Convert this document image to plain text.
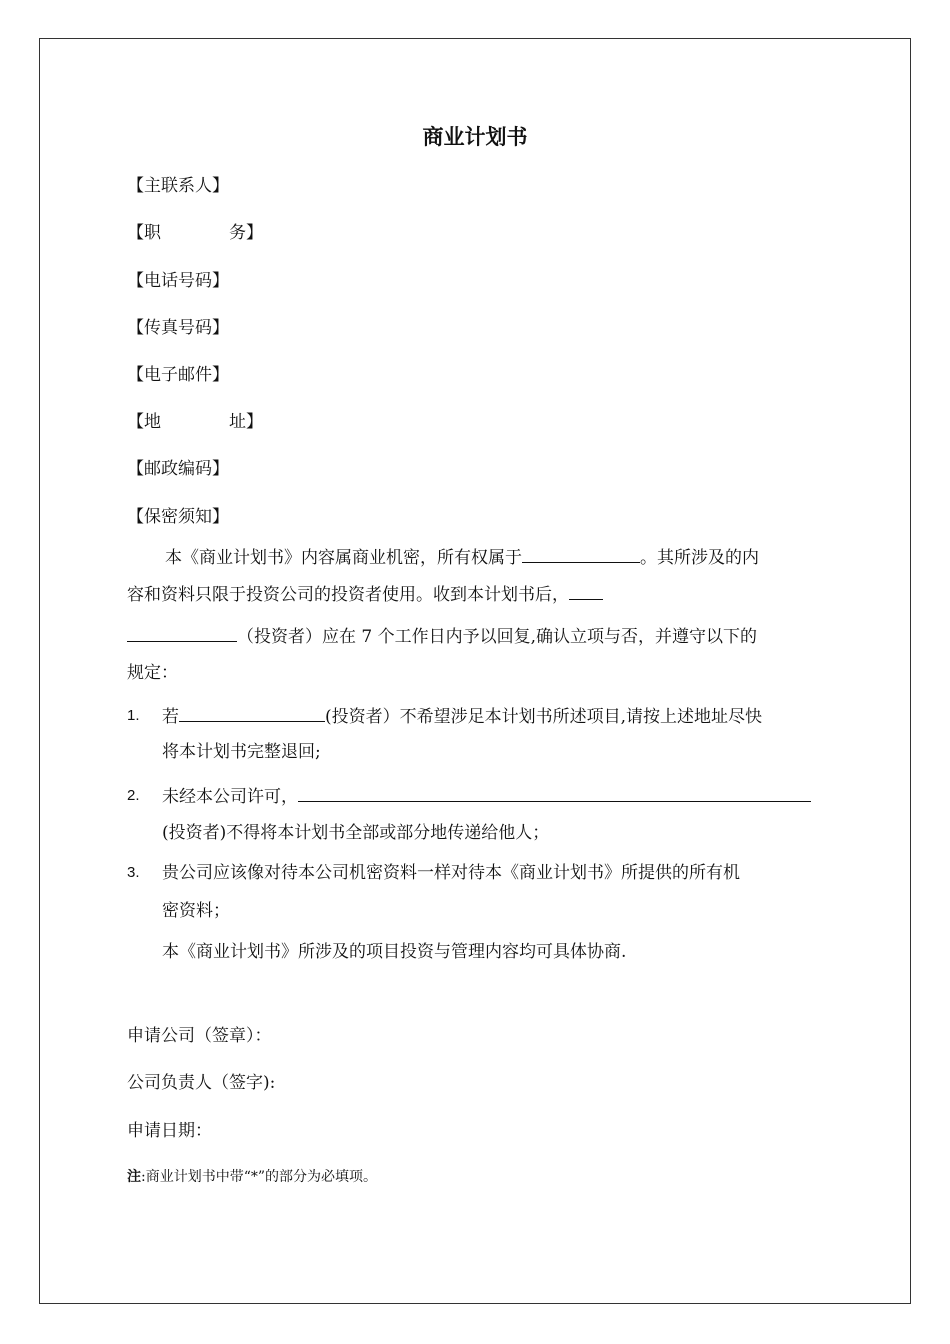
商业计划书
【主联系人】
【职	务】
【电话号码】
【传真号码】
【电子邮件】
【地	址】
【邮政编码】
【保密须知】
本《商业计划书》内容属商业机密，所有权属于	。其所涉及的内
容和资料只限于投资公司的投资者使用。收到本计划书后，
（投资者）应在 7 个工作日内予以回复,确认立项与否，并遵守以下的
规定：
1. 若	(投资者）不希望涉足本计划书所述项目,请按上述地址尽快
将本计划书完整退回;
2. 未经本公司许可，
(投资者)不得将本计划书全部或部分地传递给他人；
3. 贵公司应该像对待本公司机密资料一样对待本《商业计划书》所提供的所有机
密资料；
本《商业计划书》所涉及的项目投资与管理内容均可具体协商.
申请公司（签章）：
公司负责人（签字):
申请日期：
注:商业计划书中带“*”的部分为必填项。
